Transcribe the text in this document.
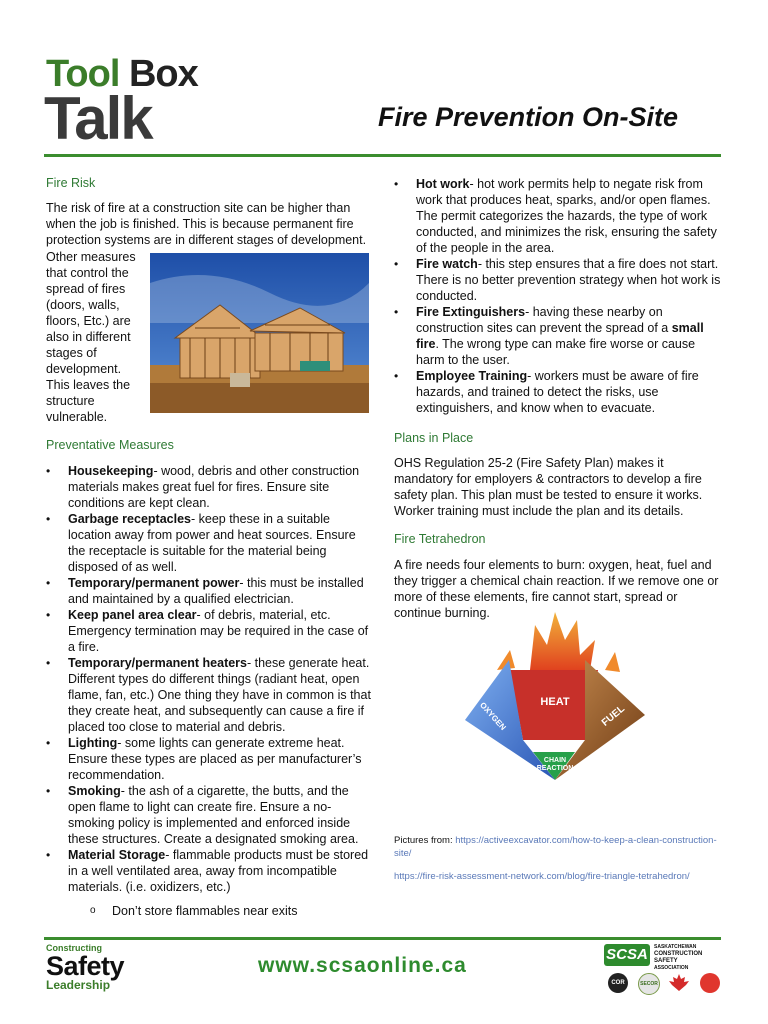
Tool Box
Talk	Fire Prevention On-Site
Fire Risk
The risk of fire at a construction site can be higher than when the job is finished. This is because permanent fire protection systems are in different stages of development.
Other measures
that control the
spread of fires
(doors, walls,
floors, Etc.) are
also in different
stages of
development.
This leaves the
structure
vulnerable.
Preventative Measures
• Housekeeping- wood, debris and other construction materials makes great fuel for fires. Ensure site conditions are kept clean.
• Garbage receptacles- keep these in a suitable location away from power and heat sources. Ensure the receptacle is suitable for the material being disposed of as well.
• Temporary/permanent power- this must be installed and maintained by a qualified electrician.
• Keep panel area clear- of debris, material, etc. Emergency termination may be required in the case of a fire.
• Temporary/permanent heaters- these generate heat. Different types do different things (radiant heat, open flame, fan, etc.) One thing they have in common is that they create heat, and subsequently can cause a fire if placed too close to material and debris.
• Lighting- some lights can generate extreme heat. Ensure these types are placed as per manufacturer’s recommendation.
• Smoking- the ash of a cigarette, the butts, and the open flame to light can create fire. Ensure a no-smoking policy is implemented and enforced inside these structures. Create a designated smoking area.
• Material Storage- flammable products must be stored in a well ventilated area, away from incompatible materials. (i.e. oxidizers, etc.)
o Don’t store flammables near exits
• Hot work- hot work permits help to negate risk from work that produces heat, sparks, and/or open flames. The permit categorizes the hazards, the type of work conducted, and minimizes the risk, ensuring the safety of the people in the area.
• Fire watch- this step ensures that a fire does not start. There is no better prevention strategy when hot work is conducted.
• Fire Extinguishers- having these nearby on construction sites can prevent the spread of a small fire. The wrong type can make fire worse or cause harm to the user.
• Employee Training- workers must be aware of fire hazards, and trained to detect the risks, use extinguishers, and know when to evacuate.
Plans in Place
OHS Regulation 25-2 (Fire Safety Plan) makes it mandatory for employers & contractors to develop a fire safety plan. This plan must be tested to ensure it works. Worker training must include the plan and its details.
Fire Tetrahedron
A fire needs four elements to burn: oxygen, heat, fuel and they trigger a chemical chain reaction. If we remove one or more of these elements, fire cannot start, spread or continue burning.
HEAT
OXYGEN	FUEL
CHAIN
REACTION
Pictures from: https://activeexcavator.com/how-to-keep-a-clean-construction-site/
https://fire-risk-assessment-network.com/blog/fire-triangle-tetrahedron/
Constructing
Safety
Leadership
www.scsaonline.ca	SCSA	SASKATCHEWAN
CONSTRUCTION SAFETY
ASSOCIATION
COR	SECOR
